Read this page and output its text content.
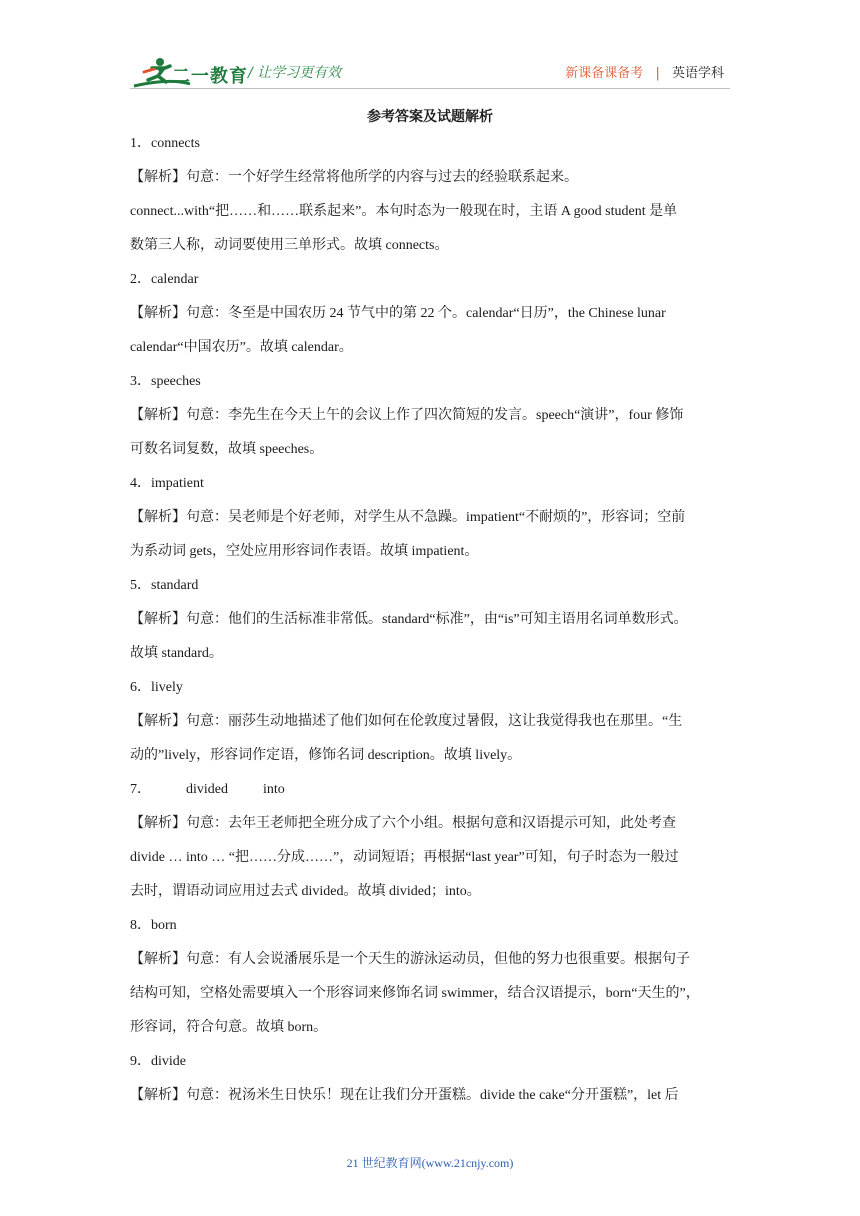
二一教育 / 让学习更有效	新课备课备考 | 英语学科
参考答案及试题解析
1．connects
【解析】句意：一个好学生经常将他所学的内容与过去的经验联系起来。
connect...with“把……和……联系起来”。本句时态为一般现在时，主语 A good student 是单
数第三人称，动词要使用三单形式。故填 connects。
2．calendar
【解析】句意：冬至是中国农历 24 节气中的第 22 个。calendar“日历”，the Chinese lunar
calendar“中国农历”。故填 calendar。
3．speeches
【解析】句意：李先生在今天上午的会议上作了四次简短的发言。speech“演讲”，four 修饰
可数名词复数，故填 speeches。
4．impatient
【解析】句意：吴老师是个好老师，对学生从不急躁。impatient“不耐烦的”，形容词；空前
为系动词 gets，空处应用形容词作表语。故填 impatient。
5．standard
【解析】句意：他们的生活标准非常低。standard“标准”，由“is”可知主语用名词单数形式。
故填 standard。
6．lively
【解析】句意：丽莎生动地描述了他们如何在伦敦度过暑假，这让我觉得我也在那里。“生
动的”lively，形容词作定语，修饰名词 description。故填 lively。
7．          divided          into
【解析】句意：去年王老师把全班分成了六个小组。根据句意和汉语提示可知，此处考查
divide … into … “把……分成……”，动词短语；再根据“last year”可知，句子时态为一般过
去时，谓语动词应用过去式 divided。故填 divided；into。
8．born
【解析】句意：有人会说潘展乐是一个天生的游泳运动员，但他的努力也很重要。根据句子
结构可知，空格处需要填入一个形容词来修饰名词 swimmer，结合汉语提示，born“天生的”，
形容词，符合句意。故填 born。
9．divide
【解析】句意：祝汤米生日快乐！现在让我们分开蛋糕。divide the cake“分开蛋糕”，let 后
21 世纪教育网(www.21cnjy.com)
